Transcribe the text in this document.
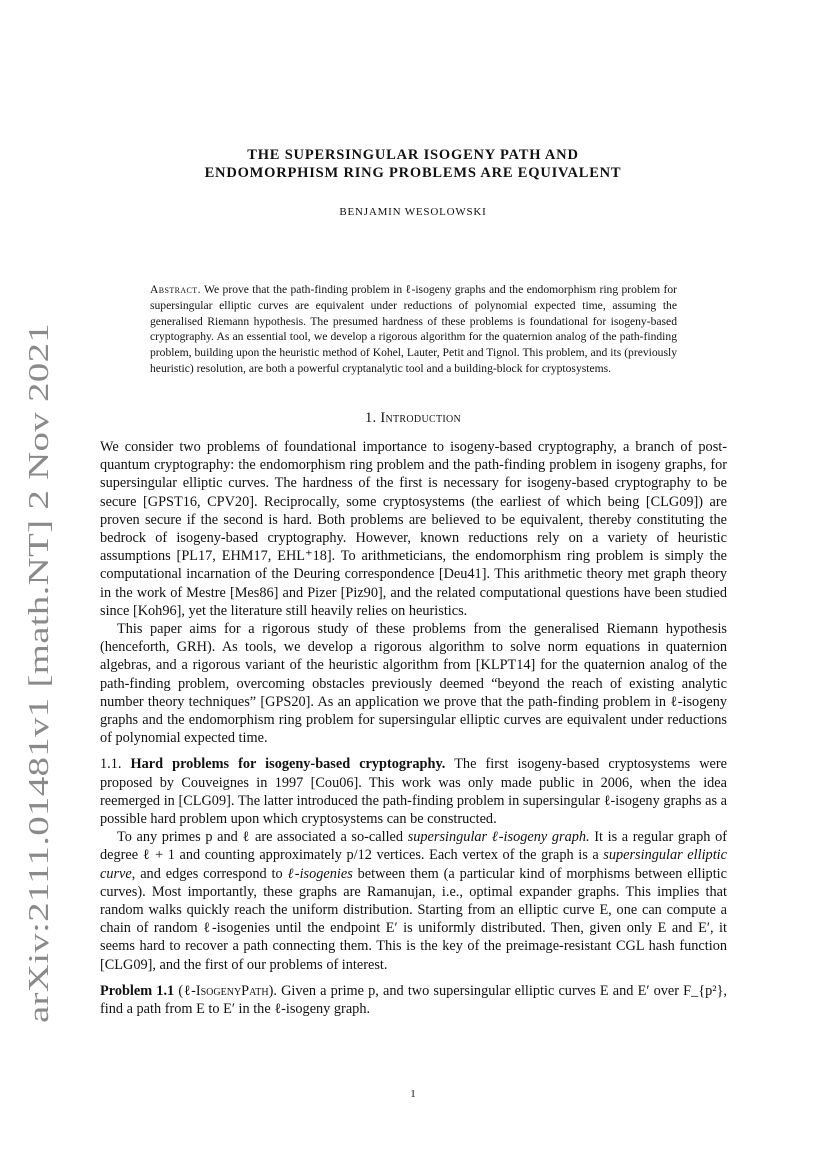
arXiv:2111.01481v1 [math.NT] 2 Nov 2021
THE SUPERSINGULAR ISOGENY PATH AND
ENDOMORPHISM RING PROBLEMS ARE EQUIVALENT
BENJAMIN WESOLOWSKI
Abstract. We prove that the path-finding problem in ℓ-isogeny graphs and the endomorphism ring problem for supersingular elliptic curves are equivalent under reductions of polynomial expected time, assuming the generalised Riemann hypothesis. The presumed hardness of these problems is foundational for isogeny-based cryptography. As an essential tool, we develop a rigorous algorithm for the quaternion analog of the path-finding problem, building upon the heuristic method of Kohel, Lauter, Petit and Tignol. This problem, and its (previously heuristic) resolution, are both a powerful cryptanalytic tool and a building-block for cryptosystems.
1. Introduction

We consider two problems of foundational importance to isogeny-based cryptography, a branch of post-quantum cryptography: the endomorphism ring problem and the path-finding problem in isogeny graphs, for supersingular elliptic curves. The hardness of the first is necessary for isogeny-based cryptography to be secure [GPST16, CPV20]. Reciprocally, some cryptosystems (the earliest of which being [CLG09]) are proven secure if the second is hard. Both problems are believed to be equivalent, thereby constituting the bedrock of isogeny-based cryptography. However, known reductions rely on a variety of heuristic assumptions [PL17, EHM17, EHL⁺18]. To arithmeticians, the endomorphism ring problem is simply the computational incarnation of the Deuring correspondence [Deu41]. This arithmetic theory met graph theory in the work of Mestre [Mes86] and Pizer [Piz90], and the related computational questions have been studied since [Koh96], yet the literature still heavily relies on heuristics.

This paper aims for a rigorous study of these problems from the generalised Riemann hypothesis (henceforth, GRH). As tools, we develop a rigorous algorithm to solve norm equations in quaternion algebras, and a rigorous variant of the heuristic algorithm from [KLPT14] for the quaternion analog of the path-finding problem, overcoming obstacles previously deemed “beyond the reach of existing analytic number theory techniques” [GPS20]. As an application we prove that the path-finding problem in ℓ-isogeny graphs and the endomorphism ring problem for supersingular elliptic curves are equivalent under reductions of polynomial expected time.

1.1. Hard problems for isogeny-based cryptography. The first isogeny-based cryptosystems were proposed by Couveignes in 1997 [Cou06]. This work was only made public in 2006, when the idea reemerged in [CLG09]. The latter introduced the path-finding problem in supersingular ℓ-isogeny graphs as a possible hard problem upon which cryptosystems can be constructed.

To any primes p and ℓ are associated a so-called supersingular ℓ-isogeny graph. It is a regular graph of degree ℓ + 1 and counting approximately p/12 vertices. Each vertex of the graph is a supersingular elliptic curve, and edges correspond to ℓ-isogenies between them (a particular kind of morphisms between elliptic curves). Most importantly, these graphs are Ramanujan, i.e., optimal expander graphs. This implies that random walks quickly reach the uniform distribution. Starting from an elliptic curve E, one can compute a chain of random ℓ-isogenies until the endpoint E′ is uniformly distributed. Then, given only E and E′, it seems hard to recover a path connecting them. This is the key of the preimage-resistant CGL hash function [CLG09], and the first of our problems of interest.

Problem 1.1 (ℓ-IsogenyPath). Given a prime p, and two supersingular elliptic curves E and E′ over F_{p²}, find a path from E to E′ in the ℓ-isogeny graph.

1
